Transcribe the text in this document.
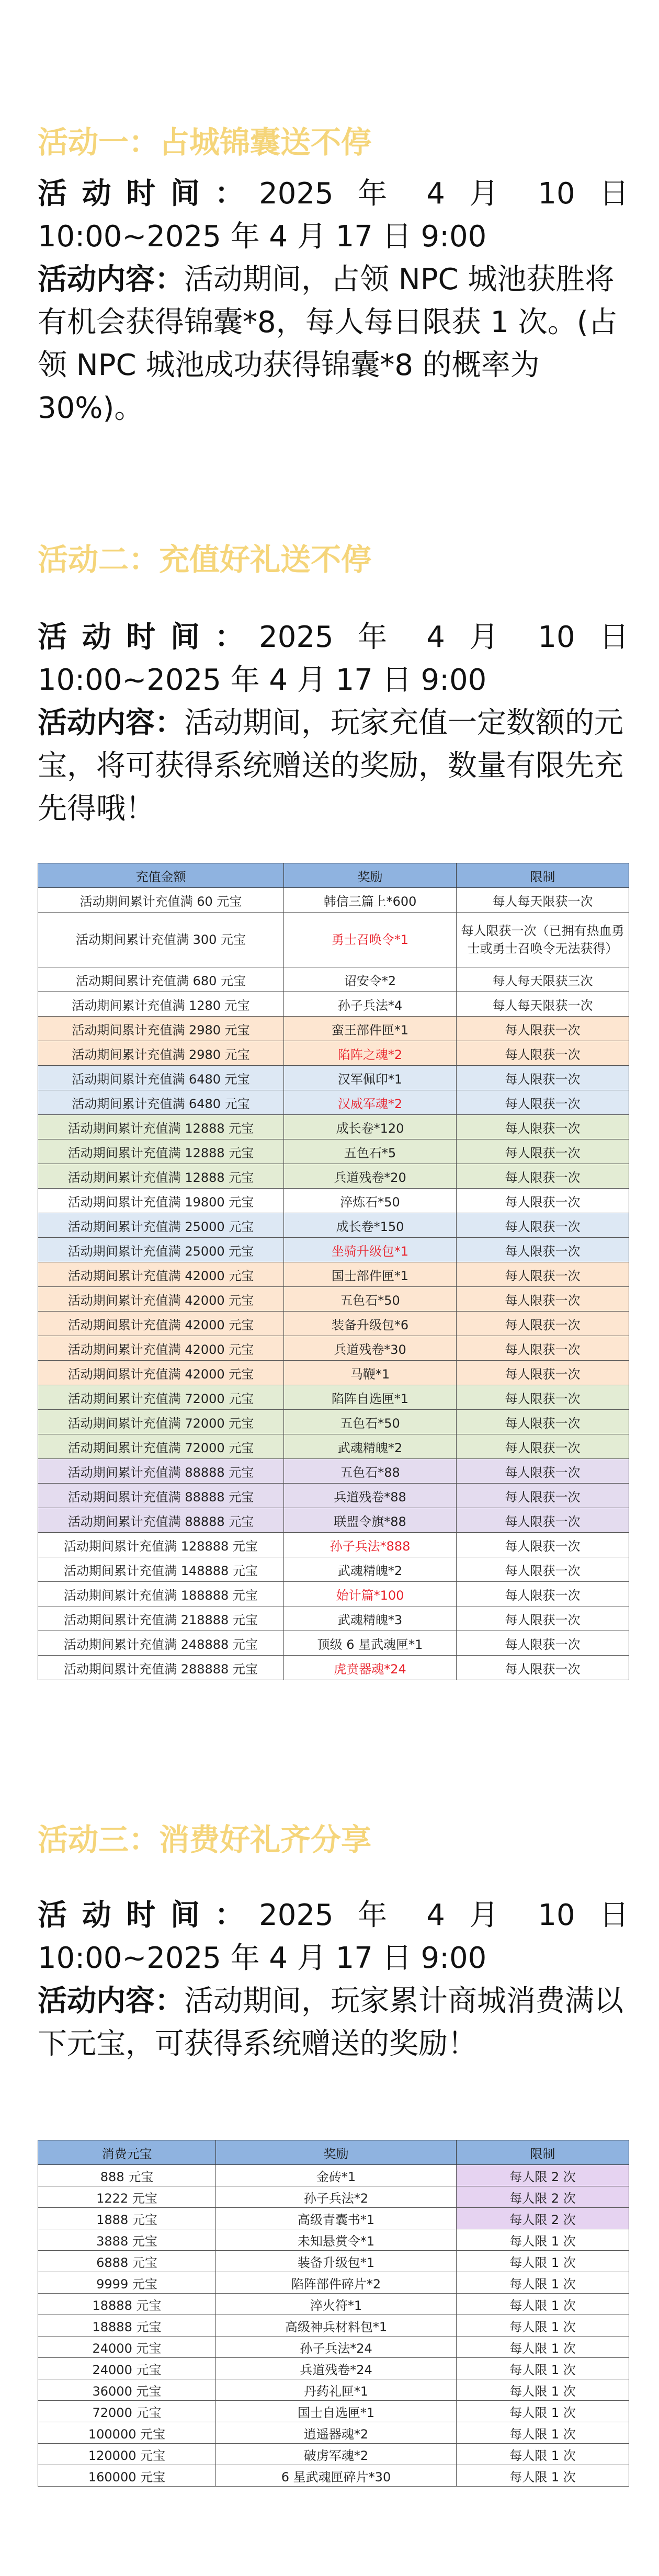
活动一：占城锦囊送不停

活动时间：2025 年 4 月 10 日

10:00~2025 年 4 月 17 日 9:00

活动内容：活动期间，占领 NPC 城池获胜将有机会获得锦囊*8，每人每日限获 1 次。(占领 NPC 城池成功获得锦囊*8 的概率为 30%)。

活动二：充值好礼送不停

活动时间：2025 年 4 月 10 日

10:00~2025 年 4 月 17 日 9:00

活动内容：活动期间，玩家充值一定数额的元宝，将可获得系统赠送的奖励，数量有限先充先得哦！

充值金额	奖励	限制
活动期间累计充值满 60 元宝	韩信三篇上*600	每人每天限获一次
活动期间累计充值满 300 元宝	勇士召唤令*1	每人限获一次（已拥有热血勇士或勇士召唤令无法获得）
活动期间累计充值满 680 元宝	诏安令*2	每人每天限获三次
活动期间累计充值满 1280 元宝	孙子兵法*4	每人每天限获一次
活动期间累计充值满 2980 元宝	蛮王部件匣*1	每人限获一次
活动期间累计充值满 2980 元宝	陷阵之魂*2	每人限获一次
活动期间累计充值满 6480 元宝	汉军佩印*1	每人限获一次
活动期间累计充值满 6480 元宝	汉威军魂*2	每人限获一次
活动期间累计充值满 12888 元宝	成长卷*120	每人限获一次
活动期间累计充值满 12888 元宝	五色石*5	每人限获一次
活动期间累计充值满 12888 元宝	兵道残卷*20	每人限获一次
活动期间累计充值满 19800 元宝	淬炼石*50	每人限获一次
活动期间累计充值满 25000 元宝	成长卷*150	每人限获一次
活动期间累计充值满 25000 元宝	坐骑升级包*1	每人限获一次
活动期间累计充值满 42000 元宝	国士部件匣*1	每人限获一次
活动期间累计充值满 42000 元宝	五色石*50	每人限获一次
活动期间累计充值满 42000 元宝	装备升级包*6	每人限获一次
活动期间累计充值满 42000 元宝	兵道残卷*30	每人限获一次
活动期间累计充值满 42000 元宝	马鞭*1	每人限获一次
活动期间累计充值满 72000 元宝	陷阵自选匣*1	每人限获一次
活动期间累计充值满 72000 元宝	五色石*50	每人限获一次
活动期间累计充值满 72000 元宝	武魂精魄*2	每人限获一次
活动期间累计充值满 88888 元宝	五色石*88	每人限获一次
活动期间累计充值满 88888 元宝	兵道残卷*88	每人限获一次
活动期间累计充值满 88888 元宝	联盟令旗*88	每人限获一次
活动期间累计充值满 128888 元宝	孙子兵法*888	每人限获一次
活动期间累计充值满 148888 元宝	武魂精魄*2	每人限获一次
活动期间累计充值满 188888 元宝	始计篇*100	每人限获一次
活动期间累计充值满 218888 元宝	武魂精魄*3	每人限获一次
活动期间累计充值满 248888 元宝	顶级 6 星武魂匣*1	每人限获一次
活动期间累计充值满 288888 元宝	虎贲器魂*24	每人限获一次

活动三：消费好礼齐分享

活动时间：2025 年 4 月 10 日

10:00~2025 年 4 月 17 日 9:00

活动内容：活动期间，玩家累计商城消费满以下元宝，可获得系统赠送的奖励！

消费元宝	奖励	限制
888 元宝	金砖*1	每人限 2 次
1222 元宝	孙子兵法*2	每人限 2 次
1888 元宝	高级青囊书*1	每人限 2 次
3888 元宝	未知悬赏令*1	每人限 1 次
6888 元宝	装备升级包*1	每人限 1 次
9999 元宝	陷阵部件碎片*2	每人限 1 次
18888 元宝	淬火符*1	每人限 1 次
18888 元宝	高级神兵材料包*1	每人限 1 次
24000 元宝	孙子兵法*24	每人限 1 次
24000 元宝	兵道残卷*24	每人限 1 次
36000 元宝	丹药礼匣*1	每人限 1 次
72000 元宝	国士自选匣*1	每人限 1 次
100000 元宝	逍遥器魂*2	每人限 1 次
120000 元宝	破虏军魂*2	每人限 1 次
160000 元宝	6 星武魂匣碎片*30	每人限 1 次
